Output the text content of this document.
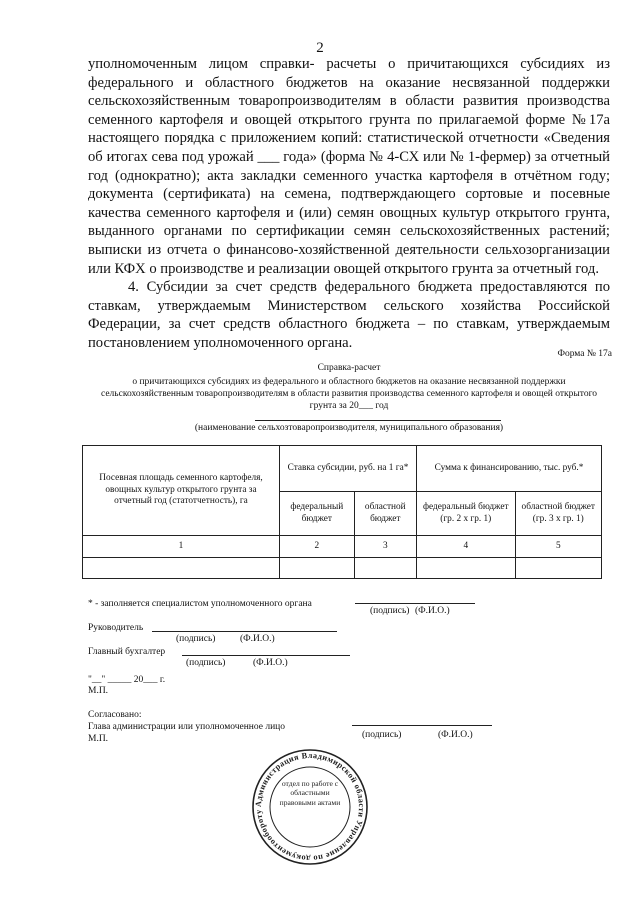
2

уполномоченным лицом справки- расчеты о причитающихся субсидиях из федерального и областного бюджетов на оказание несвязанной поддержки сельскохозяйственным товаропроизводителям в области развития производства семенного картофеля и овощей открытого грунта по прилагаемой форме №17а настоящего порядка с приложением копий: статистической отчетности «Сведения об итогах сева под урожай ___ года» (форма № 4-СХ или № 1-фермер) за отчетный год (однократно); акта закладки семенного участка картофеля в отчётном году; документа (сертификата) на семена, подтверждающего сортовые и посевные качества семенного картофеля и (или) семян овощных культур открытого грунта, выданного органами по сертификации семян сельскохозяйственных растений; выписки из отчета о финансово-хозяйственной деятельности сельхозорганизации или КФХ о производстве и реализации овощей открытого грунта за отчетный год.

4. Субсидии за счет средств федерального бюджета предоставляются по ставкам, утверждаемым Министерством сельского хозяйства Российской Федерации, за счет средств областного бюджета – по ставкам, утверждаемым постановлением уполномоченного органа.

Форма № 17а
Справка-расчет
о причитающихся субсидиях из федерального и областного бюджетов на оказание несвязанной поддержки сельскохозяйственным товаропроизводителям в области развития производства семенного картофеля и овощей открытого грунта за 20___ год
(наименование сельхозтоваропроизводителя, муниципального образования)
Посевная площадь семенного картофеля, овощных культур открытого грунта за отчетный год (статотчетность), га	Ставка субсидии, руб. на 1 га*		Сумма к финансированию, тыс. руб.*	
	федеральный бюджет	областной бюджет	федеральный бюджет (гр. 2 x гр. 1)	областной бюджет (гр. 3 x гр. 1)
1	2	3	4	5

* - заполняется специалистом уполномоченного органа
(подпись) (Ф.И.О.)
Руководитель
(подпись)	(Ф.И.О.)
Главный бухгалтер
(подпись)	(Ф.И.О.)
"__" _____ 20___ г.
М.П.
Согласовано:
Глава администрации или уполномоченное лицо
М.П.	(подпись)	(Ф.И.О.)
Администрация Владимирской области Управление по документообороту
отдел по работе с областными правовыми актами
